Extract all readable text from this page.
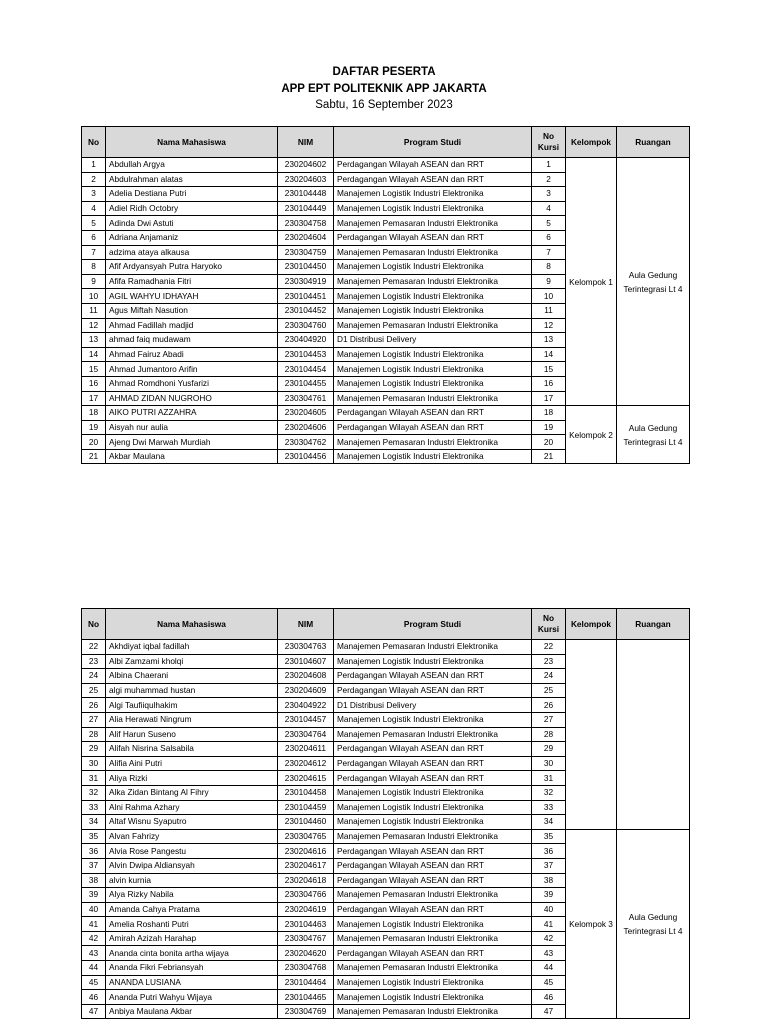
DAFTAR PESERTA
APP EPT POLITEKNIK APP JAKARTA
Sabtu, 16 September 2023
No	Nama Mahasiswa	NIM	Program Studi	No Kursi	Kelompok	Ruangan
1	Abdullah Argya	230204602	Perdagangan Wilayah ASEAN dan RRT	1	Kelompok 1	Aula Gedung Terintegrasi Lt 4
2	Abdulrahman alatas	230204603	Perdagangan Wilayah ASEAN dan RRT	2		
3	Adelia Destiana Putri	230104448	Manajemen Logistik Industri Elektronika	3		
4	Adiel Ridh Octobry	230104449	Manajemen Logistik Industri Elektronika	4		
5	Adinda Dwi Astuti	230304758	Manajemen Pemasaran Industri Elektronika	5		
6	Adriana Anjamaniz	230204604	Perdagangan Wilayah ASEAN dan RRT	6		
7	adzima ataya alkausa	230304759	Manajemen Pemasaran Industri Elektronika	7		
8	Afif Ardyansyah Putra Haryoko	230104450	Manajemen Logistik Industri Elektronika	8		
9	Afifa Ramadhania Fitri	230304919	Manajemen Pemasaran Industri Elektronika	9		
10	AGIL WAHYU IDHAYAH	230104451	Manajemen Logistik Industri Elektronika	10		
11	Agus Miftah Nasution	230104452	Manajemen Logistik Industri Elektronika	11		
12	Ahmad Fadillah madjid	230304760	Manajemen Pemasaran Industri Elektronika	12		
13	ahmad faiq mudawam	230404920	D1 Distribusi Delivery	13		
14	Ahmad Fairuz Abadi	230104453	Manajemen Logistik Industri Elektronika	14		
15	Ahmad Jumantoro Arifin	230104454	Manajemen Logistik Industri Elektronika	15		
16	Ahmad Romdhoni Yusfarizi	230104455	Manajemen Logistik Industri Elektronika	16		
17	AHMAD ZIDAN NUGROHO	230304761	Manajemen Pemasaran Industri Elektronika	17		
18	AIKO PUTRI AZZAHRA	230204605	Perdagangan Wilayah ASEAN dan RRT	18	Kelompok 2	Aula Gedung Terintegrasi Lt 4
19	Aisyah nur aulia	230204606	Perdagangan Wilayah ASEAN dan RRT	19		
20	Ajeng Dwi Marwah Murdiah	230304762	Manajemen Pemasaran Industri Elektronika	20		
21	Akbar Maulana	230104456	Manajemen Logistik Industri Elektronika	21		
No	Nama Mahasiswa	NIM	Program Studi	No Kursi	Kelompok	Ruangan
22	Akhdiyat iqbal fadillah	230304763	Manajemen Pemasaran Industri Elektronika	22		
23	Albi Zamzami kholqi	230104607	Manajemen Logistik Industri Elektronika	23		
24	Albina Chaerani	230204608	Perdagangan Wilayah ASEAN dan RRT	24		
25	algi muhammad hustan	230204609	Perdagangan Wilayah ASEAN dan RRT	25		
26	Algi Taufiiqulhakim	230404922	D1 Distribusi Delivery	26		
27	Alia Herawati Ningrum	230104457	Manajemen Logistik Industri Elektronika	27		
28	Alif Harun Suseno	230304764	Manajemen Pemasaran Industri Elektronika	28		
29	Alifah Nisrina Salsabila	230204611	Perdagangan Wilayah ASEAN dan RRT	29		
30	Alifia Aini Putri	230204612	Perdagangan Wilayah ASEAN dan RRT	30		
31	Aliya Rizki	230204615	Perdagangan Wilayah ASEAN dan RRT	31		
32	Alka Zidan Bintang Al Fihry	230104458	Manajemen Logistik Industri Elektronika	32		
33	Alni Rahma Azhary	230104459	Manajemen Logistik Industri Elektronika	33		
34	Altaf Wisnu Syaputro	230104460	Manajemen Logistik Industri Elektronika	34		
35	Alvan Fahrizy	230304765	Manajemen Pemasaran Industri Elektronika	35	Kelompok 3	Aula Gedung Terintegrasi Lt 4
36	Alvia Rose Pangestu	230204616	Perdagangan Wilayah ASEAN dan RRT	36		
37	Alvin Dwipa Aldiansyah	230204617	Perdagangan Wilayah ASEAN dan RRT	37		
38	alvin kurnia	230204618	Perdagangan Wilayah ASEAN dan RRT	38		
39	Alya Rizky Nabila	230304766	Manajemen Pemasaran Industri Elektronika	39		
40	Amanda Cahya Pratama	230204619	Perdagangan Wilayah ASEAN dan RRT	40		
41	Amelia Roshanti Putri	230104463	Manajemen Logistik Industri Elektronika	41		
42	Amirah Azizah Harahap	230304767	Manajemen Pemasaran Industri Elektronika	42		
43	Ananda cinta bonita artha wijaya	230204620	Perdagangan Wilayah ASEAN dan RRT	43		
44	Ananda Fikri Febriansyah	230304768	Manajemen Pemasaran Industri Elektronika	44		
45	ANANDA LUSIANA	230104464	Manajemen Logistik Industri Elektronika	45		
46	Ananda Putri Wahyu Wijaya	230104465	Manajemen Logistik Industri Elektronika	46		
47	Anbiya Maulana Akbar	230304769	Manajemen Pemasaran Industri Elektronika	47		
